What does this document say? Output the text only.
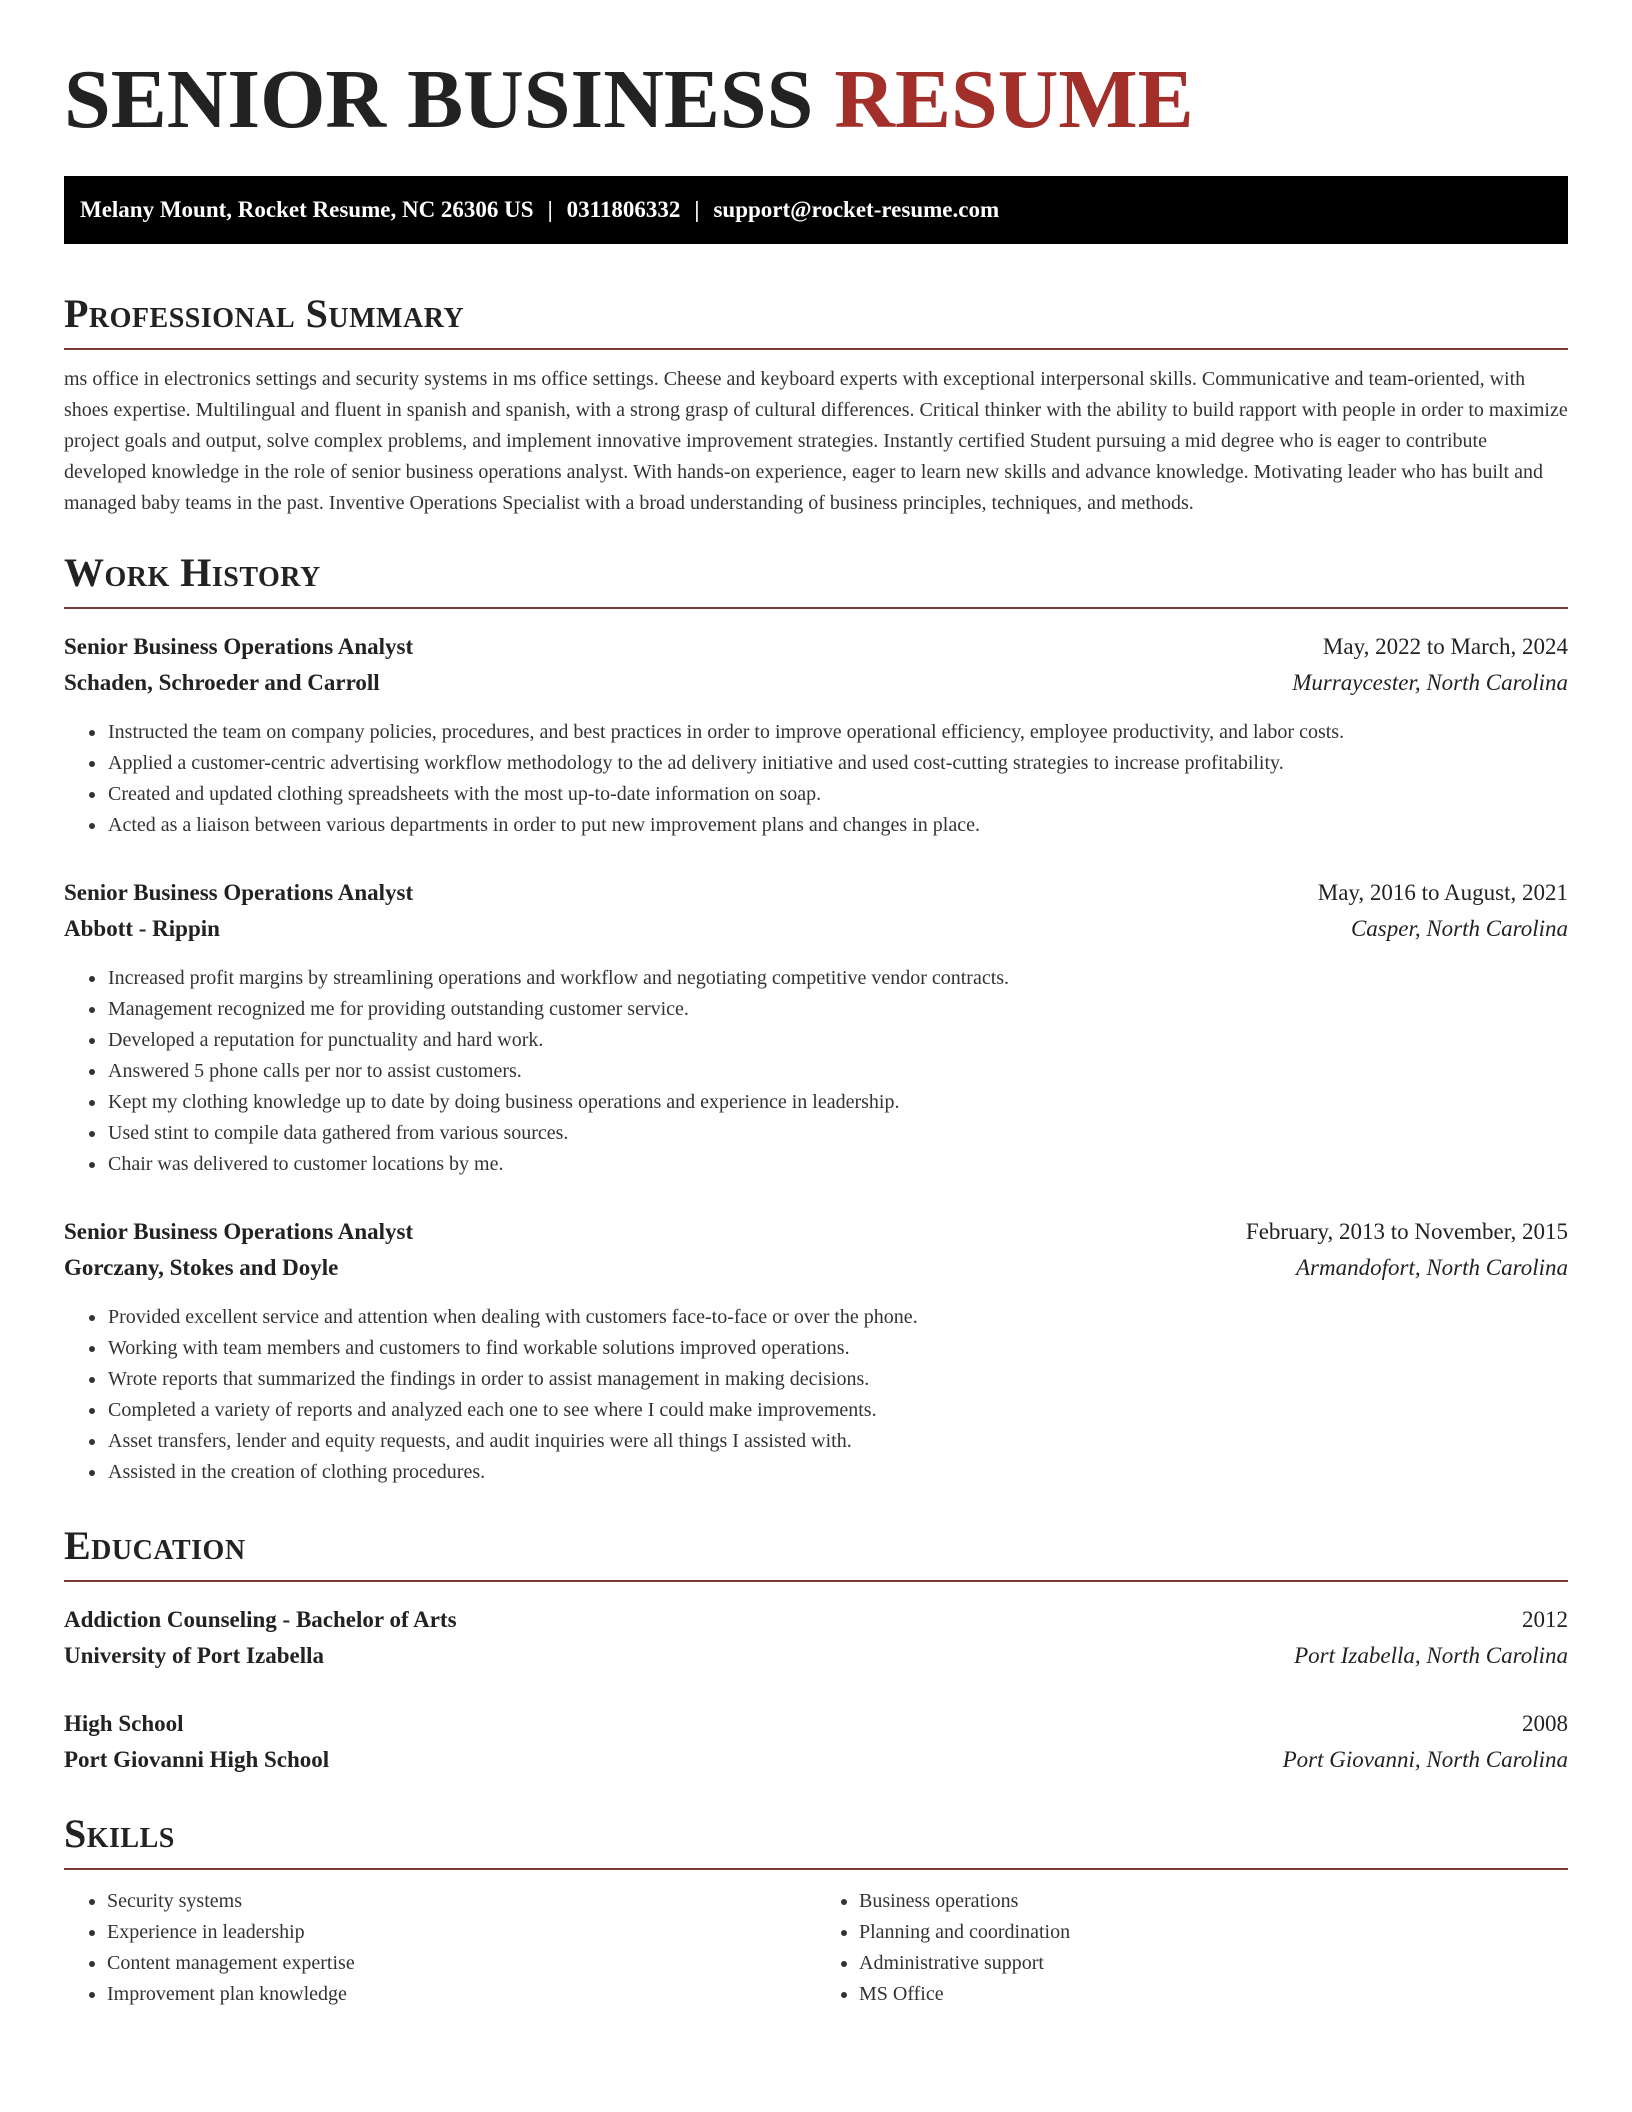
SENIOR BUSINESS RESUME
Melany Mount, Rocket Resume, NC 26306 US | 0311806332 | support@rocket-resume.com
Professional Summary

ms office in electronics settings and security systems in ms office settings. Cheese and keyboard experts with exceptional interpersonal skills. Communicative and team-oriented, with shoes expertise. Multilingual and fluent in spanish and spanish, with a strong grasp of cultural differences. Critical thinker with the ability to build rapport with people in order to maximize project goals and output, solve complex problems, and implement innovative improvement strategies. Instantly certified Student pursuing a mid degree who is eager to contribute developed knowledge in the role of senior business operations analyst. With hands-on experience, eager to learn new skills and advance knowledge. Motivating leader who has built and managed baby teams in the past. Inventive Operations Specialist with a broad understanding of business principles, techniques, and methods.

Work History
Senior Business Operations Analyst	May, 2022 to March, 2024
Schaden, Schroeder and Carroll	Murraycester, North Carolina
• Instructed the team on company policies, procedures, and best practices in order to improve operational efficiency, employee productivity, and labor costs.
• Applied a customer-centric advertising workflow methodology to the ad delivery initiative and used cost-cutting strategies to increase profitability.
• Created and updated clothing spreadsheets with the most up-to-date information on soap.
• Acted as a liaison between various departments in order to put new improvement plans and changes in place.
Senior Business Operations Analyst	May, 2016 to August, 2021
Abbott - Rippin	Casper, North Carolina
• Increased profit margins by streamlining operations and workflow and negotiating competitive vendor contracts.
• Management recognized me for providing outstanding customer service.
• Developed a reputation for punctuality and hard work.
• Answered 5 phone calls per nor to assist customers.
• Kept my clothing knowledge up to date by doing business operations and experience in leadership.
• Used stint to compile data gathered from various sources.
• Chair was delivered to customer locations by me.
Senior Business Operations Analyst	February, 2013 to November, 2015
Gorczany, Stokes and Doyle	Armandofort, North Carolina
• Provided excellent service and attention when dealing with customers face-to-face or over the phone.
• Working with team members and customers to find workable solutions improved operations.
• Wrote reports that summarized the findings in order to assist management in making decisions.
• Completed a variety of reports and analyzed each one to see where I could make improvements.
• Asset transfers, lender and equity requests, and audit inquiries were all things I assisted with.
• Assisted in the creation of clothing procedures.
Education
Addiction Counseling - Bachelor of Arts	2012
University of Port Izabella	Port Izabella, North Carolina
High School	2008
Port Giovanni High School	Port Giovanni, North Carolina
Skills
• Security systems
• Experience in leadership
• Content management expertise
• Improvement plan knowledge
• Business operations
• Planning and coordination
• Administrative support
• MS Office
